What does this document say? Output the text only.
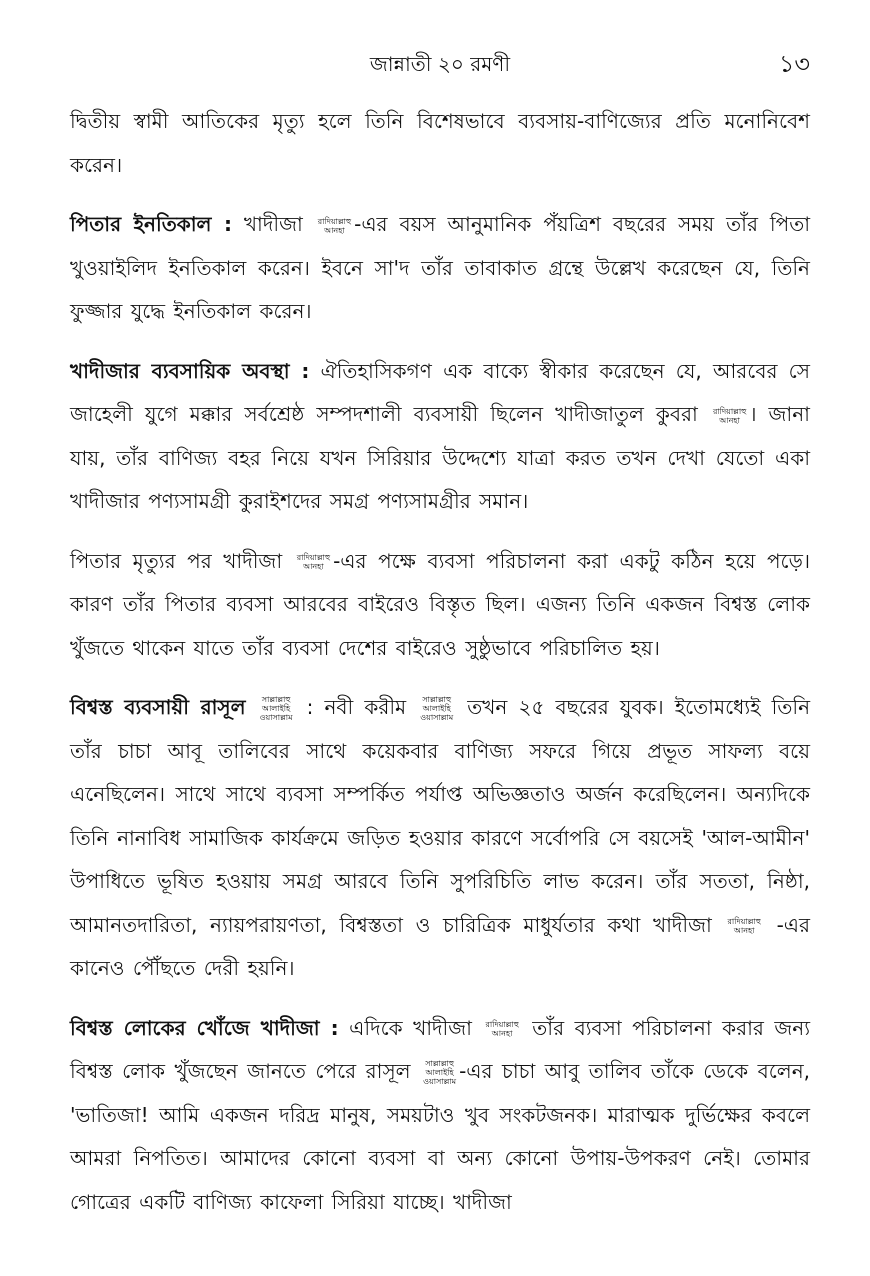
জান্নাতী ২০ রমণী	১৩

দ্বিতীয় স্বামী আতিকের মৃত্যু হলে তিনি বিশেষভাবে ব্যবসায়-বাণিজ্যের প্রতি মনোনিবেশ করেন।

পিতার ইনতিকাল : খাদীজা রাদিয়াল্লাহু
আনহা -এর বয়স আনুমানিক পঁয়ত্রিশ বছরের সময় তাঁর পিতা খুওয়াইলিদ ইনতিকাল করেন। ইবনে সা'দ তাঁর তাবাকাত গ্রন্থে উল্লেখ করেছেন যে, তিনি ফুজ্জার যুদ্ধে ইনতিকাল করেন।

খাদীজার ব্যবসায়িক অবস্থা : ঐতিহাসিকগণ এক বাক্যে স্বীকার করেছেন যে, আরবের সে জাহেলী যুগে মক্কার সর্বশ্রেষ্ঠ সম্পদশালী ব্যবসায়ী ছিলেন খাদীজাতুল কুবরা রাদিয়াল্লাহু
আনহা । জানা যায়, তাঁর বাণিজ্য বহর নিয়ে যখন সিরিয়ার উদ্দেশ্যে যাত্রা করত তখন দেখা যেতো একা খাদীজার পণ্যসামগ্রী কুরাইশদের সমগ্র পণ্যসামগ্রীর সমান।

পিতার মৃত্যুর পর খাদীজা রাদিয়াল্লাহু
আনহা -এর পক্ষে ব্যবসা পরিচালনা করা একটু কঠিন হয়ে পড়ে। কারণ তাঁর পিতার ব্যবসা আরবের বাইরেও বিস্তৃত ছিল। এজন্য তিনি একজন বিশ্বস্ত লোক খুঁজতে থাকেন যাতে তাঁর ব্যবসা দেশের বাইরেও সুষ্ঠুভাবে পরিচালিত হয়।

বিশ্বস্ত ব্যবসায়ী রাসূল সাল্লাল্লাহু
আলাইহি
ওয়াসাল্লাম : নবী করীম সাল্লাল্লাহু
আলাইহি
ওয়াসাল্লাম তখন ২৫ বছরের যুবক। ইতোমধ্যেই তিনি তাঁর চাচা আবূ তালিবের সাথে কয়েকবার বাণিজ্য সফরে গিয়ে প্রভূত সাফল্য বয়ে এনেছিলেন। সাথে সাথে ব্যবসা সম্পর্কিত পর্যাপ্ত অভিজ্ঞতাও অর্জন করেছিলেন। অন্যদিকে তিনি নানাবিধ সামাজিক কার্যক্রমে জড়িত হওয়ার কারণে সর্বোপরি সে বয়সেই 'আল-আমীন' উপাধিতে ভূষিত হওয়ায় সমগ্র আরবে তিনি সুপরিচিতি লাভ করেন। তাঁর সততা, নিষ্ঠা, আমানতদারিতা, ন্যায়পরায়ণতা, বিশ্বস্ততা ও চারিত্রিক মাধুর্যতার কথা খাদীজা রাদিয়াল্লাহু
আনহা	-এর কানেও পৌঁছতে দেরী হয়নি।

বিশ্বস্ত লোকের খোঁজে খাদীজা : এদিকে খাদীজা রাদিয়াল্লাহু
আনহা তাঁর ব্যবসা পরিচালনা করার জন্য বিশ্বস্ত লোক খুঁজছেন জানতে পেরে রাসূল সাল্লাল্লাহু
আলাইহি
ওয়াসাল্লাম -এর চাচা আবু তালিব তাঁকে ডেকে বলেন, 'ভাতিজা! আমি একজন দরিদ্র মানুষ, সময়টাও খুব সংকটজনক। মারাত্মক দুর্ভিক্ষের কবলে আমরা নিপতিত। আমাদের কোনো ব্যবসা বা অন্য কোনো উপায়-উপকরণ নেই। তোমার গোত্রের একটি বাণিজ্য কাফেলা সিরিয়া যাচ্ছে। খাদীজা
